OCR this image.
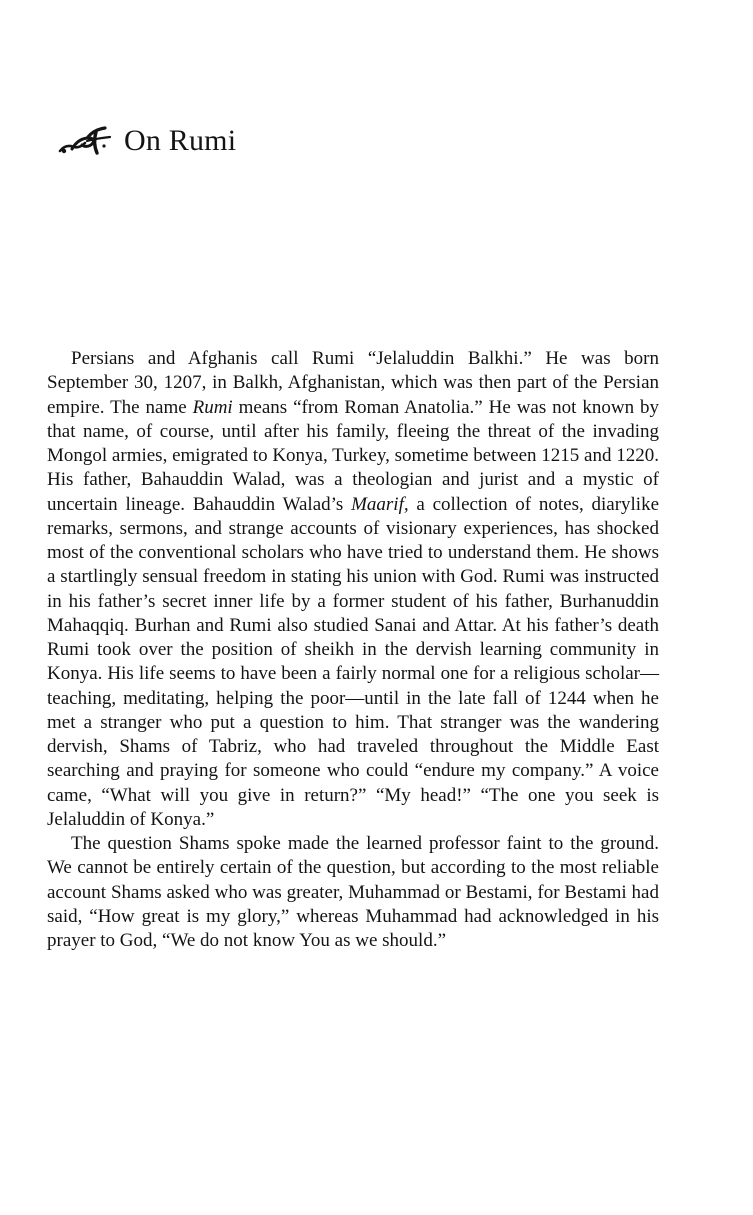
On Rumi

Persians and Afghanis call Rumi “Jelaluddin Balkhi.” He was born September 30, 1207, in Balkh, Afghanistan, which was then part of the Persian empire. The name Rumi means “from Roman Anatolia.” He was not known by that name, of course, until after his family, fleeing the threat of the invading Mongol armies, emigrated to Konya, Turkey, sometime between 1215 and 1220. His father, Bahauddin Walad, was a theologian and jurist and a mystic of uncertain lineage. Bahauddin Walad’s Maarif, a collection of notes, diarylike remarks, sermons, and strange accounts of visionary experiences, has shocked most of the conventional scholars who have tried to understand them. He shows a startlingly sensual freedom in stating his union with God. Rumi was instructed in his father’s secret inner life by a former student of his father, Burhanuddin Mahaqqiq. Burhan and Rumi also studied Sanai and Attar. At his father’s death Rumi took over the position of sheikh in the dervish learning community in Konya. His life seems to have been a fairly normal one for a religious scholar—teaching, meditating, helping the poor—until in the late fall of 1244 when he met a stranger who put a question to him. That stranger was the wandering dervish, Shams of Tabriz, who had traveled throughout the Middle East searching and praying for someone who could “endure my company.” A voice came, “What will you give in return?” “My head!” “The one you seek is Jelaluddin of Konya.”

The question Shams spoke made the learned professor faint to the ground. We cannot be entirely certain of the question, but according to the most reliable account Shams asked who was greater, Muhammad or Bestami, for Bestami had said, “How great is my glory,” whereas Muhammad had acknowledged in his prayer to God, “We do not know You as we should.”
